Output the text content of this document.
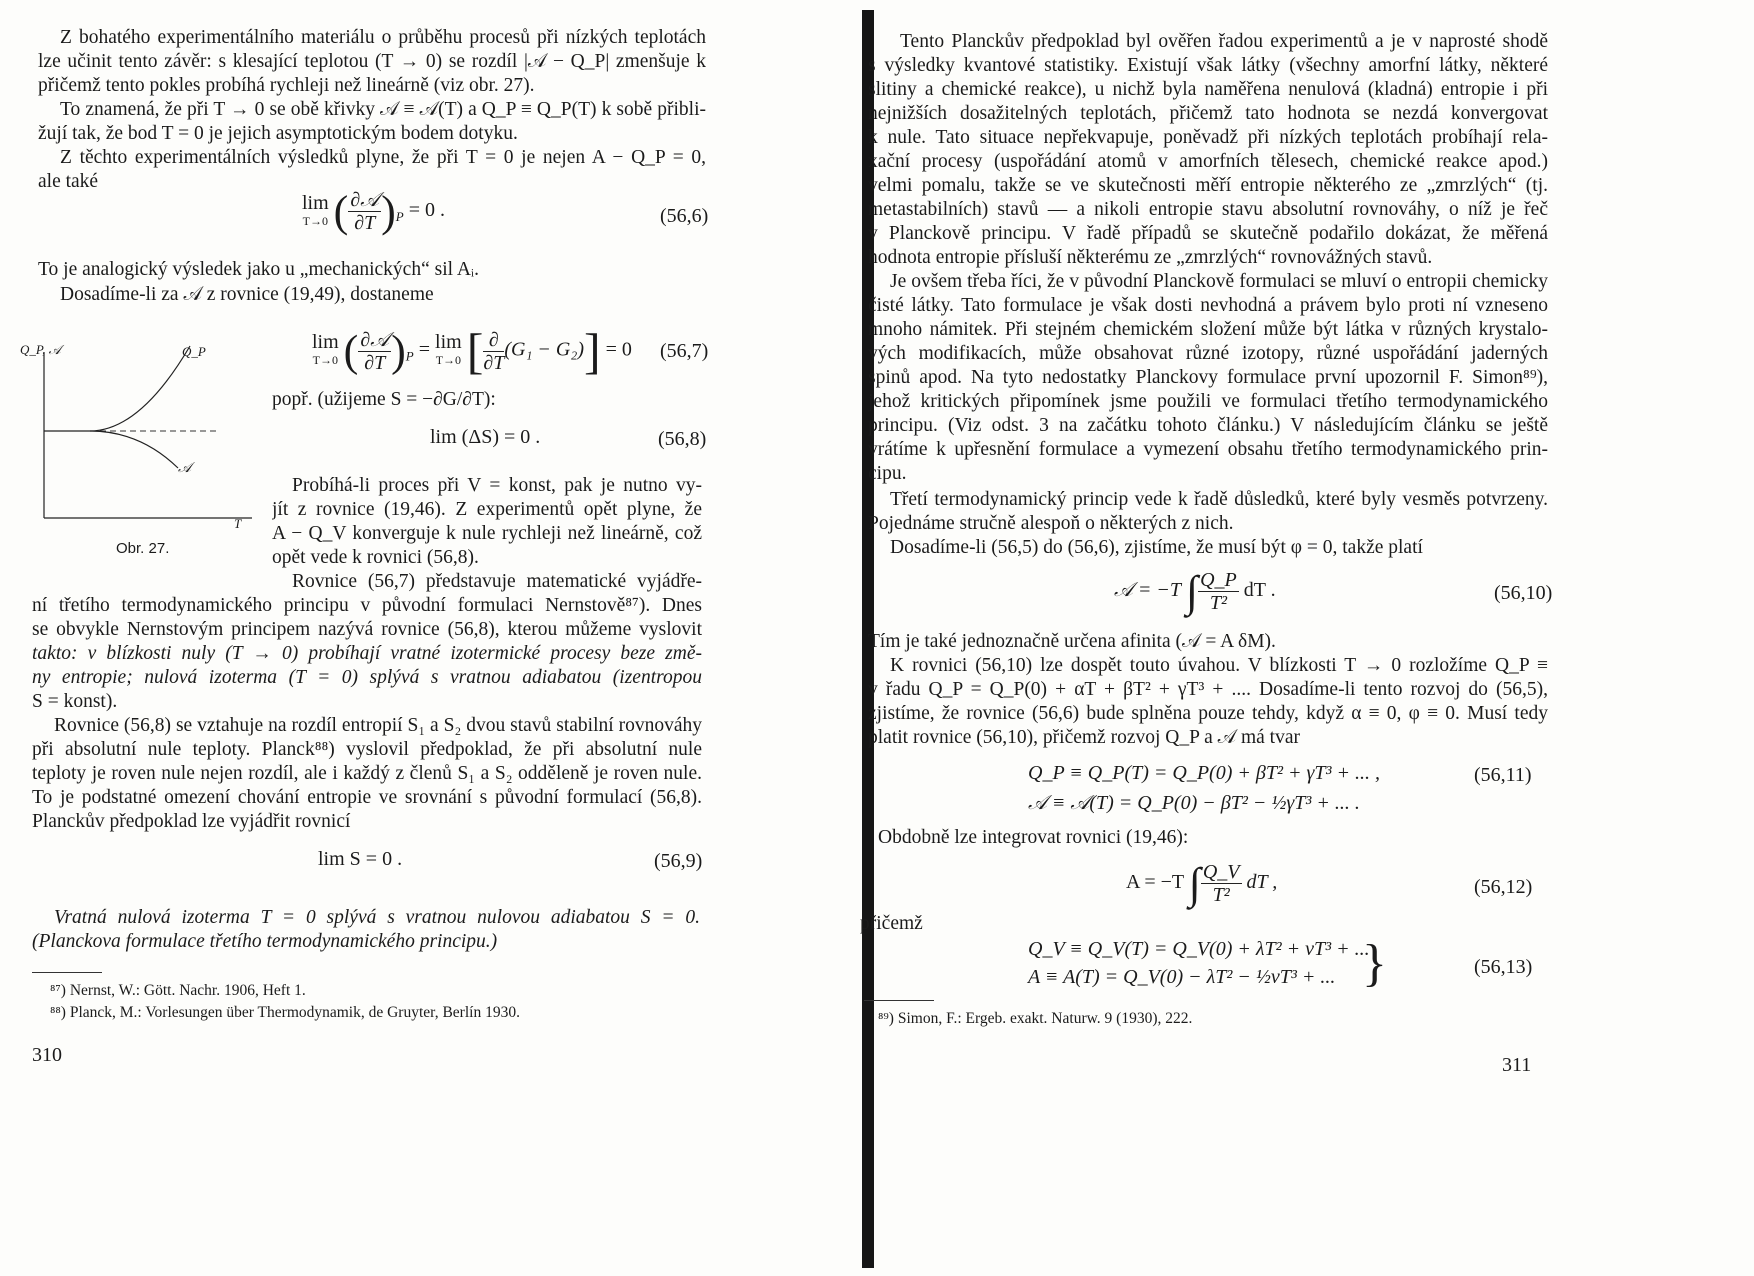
Z bohatého experimentálního materiálu o průběhu procesů při nízkých teplotách
lze učinit tento závěr: s klesající teplotou (T → 0) se rozdíl |𝒜 − Q_P| zmenšuje k
přičemž tento pokles probíhá rychleji než lineárně (viz obr. 27).
To znamená, že při T → 0 se obě křivky 𝒜 ≡ 𝒜(T) a Q_P ≡ Q_P(T) k sobě přibli-
žují tak, že bod T = 0 je jejich asymptotickým bodem dotyku.
Z těchto experimentálních výsledků plyne, že při T = 0 je nejen A − Q_P = 0,
ale také
lim
T→0 ( $\frac{\text{∂𝒜}}{\partial T} )_P = 0$ .	(56,6)
To je analogický výsledek jako u „mechanických“ sil Aᵢ.
Dosadíme-li za 𝒜 z rovnice (19,49), dostaneme
Q_P, 𝒜	Q_P
𝒜
T
Obr. 27.
lim
T→0 ( $\frac{\text{∂𝒜}}{\partial T} )_P = \lim$
T→0 [ $\frac{\partial}{\partial T} (G_1 - G_2)] = 0$ (56,7)
popř. (užijeme S = −∂G/∂T):
lim (ΔS) = 0 .	(56,8)
Probíhá-li proces při V = konst, pak je nutno vy-
jít z rovnice (19,46). Z experimentů opět plyne, že
A − Q_V konverguje k nule rychleji než lineárně, což
opět vede k rovnici (56,8).
Rovnice (56,7) představuje matematické vyjádře-
ní třetího termodynamického principu v původní formulaci Nernstově⁸⁷). Dnes
se obvykle Nernstovým principem nazývá rovnice (56,8), kterou můžeme vyslovit
takto: v blízkosti nuly (T → 0) probíhají vratné izotermické procesy beze změ-
ny entropie; nulová izoterma (T = 0) splývá s vratnou adiabatou (izentropou
S = konst).
Rovnice (56,8) se vztahuje na rozdíl entropií S₁ a S₂ dvou stavů stabilní rovnováhy
při absolutní nule teploty. Planck⁸⁸) vyslovil předpoklad, že při absolutní nule
teploty je roven nule nejen rozdíl, ale i každý z členů S₁ a S₂ odděleně je roven nule.
To je podstatné omezení chování entropie ve srovnání s původní formulací (56,8).
Planckův předpoklad lze vyjádřit rovnicí
lim S = 0 .	(56,9)
Vratná nulová izoterma T = 0 splývá s vratnou nulovou adiabatou S = 0.
(Planckova formulace třetího termodynamického principu.)
⁸⁷) Nernst, W.: Gött. Nachr. 1906, Heft 1.
⁸⁸) Planck, M.: Vorlesungen über Thermodynamik, de Gruyter, Berlín 1930.
310
Tento Planckův předpoklad byl ověřen řadou experimentů a je v naprosté shodě
s výsledky kvantové statistiky. Existují však látky (všechny amorfní látky, některé
slitiny a chemické reakce), u nichž byla naměřena nenulová (kladná) entropie i při
nejnižších dosažitelných teplotách, přičemž tato hodnota se nezdá konvergovat
k nule. Tato situace nepřekvapuje, poněvadž při nízkých teplotách probíhají rela-
xační procesy (uspořádání atomů v amorfních tělesech, chemické reakce apod.)
velmi pomalu, takže se ve skutečnosti měří entropie některého ze „zmrzlých“ (tj.
metastabilních) stavů — a nikoli entropie stavu absolutní rovnováhy, o níž je řeč
v Planckově principu. V řadě případů se skutečně podařilo dokázat, že měřená
hodnota entropie přísluší některému ze „zmrzlých“ rovnovážných stavů.
Je ovšem třeba říci, že v původní Planckově formulaci se mluví o entropii chemicky
čisté látky. Tato formulace je však dosti nevhodná a právem bylo proti ní vzneseno
mnoho námitek. Při stejném chemickém složení může být látka v různých krystalo-
vých modifikacích, může obsahovat různé izotopy, různé uspořádání jaderných
spinů apod. Na tyto nedostatky Planckovy formulace první upozornil F. Simon⁸⁹),
jehož kritických připomínek jsme použili ve formulaci třetího termodynamického
principu. (Viz odst. 3 na začátku tohoto článku.) V následujícím článku se ještě
vrátíme k upřesnění formulace a vymezení obsahu třetího termodynamického prin-
cipu.
Třetí termodynamický princip vede k řadě důsledků, které byly vesměs potvrzeny.
Pojednáme stručně alespoň o některých z nich.
Dosadíme-li (56,5) do (56,6), zjistíme, že musí být φ = 0, takže platí
𝒜 = −T ∫ $\frac{Q\_P}{\text{T²}}$ dT .	(56,10)
Tím je také jednoznačně určena afinita (𝒜 = A δM).
K rovnici (56,10) lze dospět touto úvahou. V blízkosti T → 0 rozložíme Q_P ≡
v řadu Q_P = Q_P(0) + αT + βT² + γT³ + .... Dosadíme-li tento rozvoj do (56,5),
zjistíme, že rovnice (56,6) bude splněna pouze tehdy, když α ≡ 0, φ ≡ 0. Musí tedy
platit rovnice (56,10), přičemž rozvoj Q_P a 𝒜 má tvar
Q_P ≡ Q_P(T) = Q_P(0) + βT² + γT³ + ... ,
𝒜 ≡ 𝒜(T) = Q_P(0) − βT² − ½γT³ + ... .
(56,11)
Obdobně lze integrovat rovnici (19,46):
A = −T ∫ $\frac{Q\_V}{\text{T²}}$ dT ,	(56,12)
přičemž
Q_V ≡ Q_V(T) = Q_V(0) + λT² + νT³ + ...
A ≡ A(T) = Q_V(0) − λT² − ½νT³ + ... }	(56,13)
⁸⁹) Simon, F.: Ergeb. exakt. Naturw. 9 (1930), 222.
311
